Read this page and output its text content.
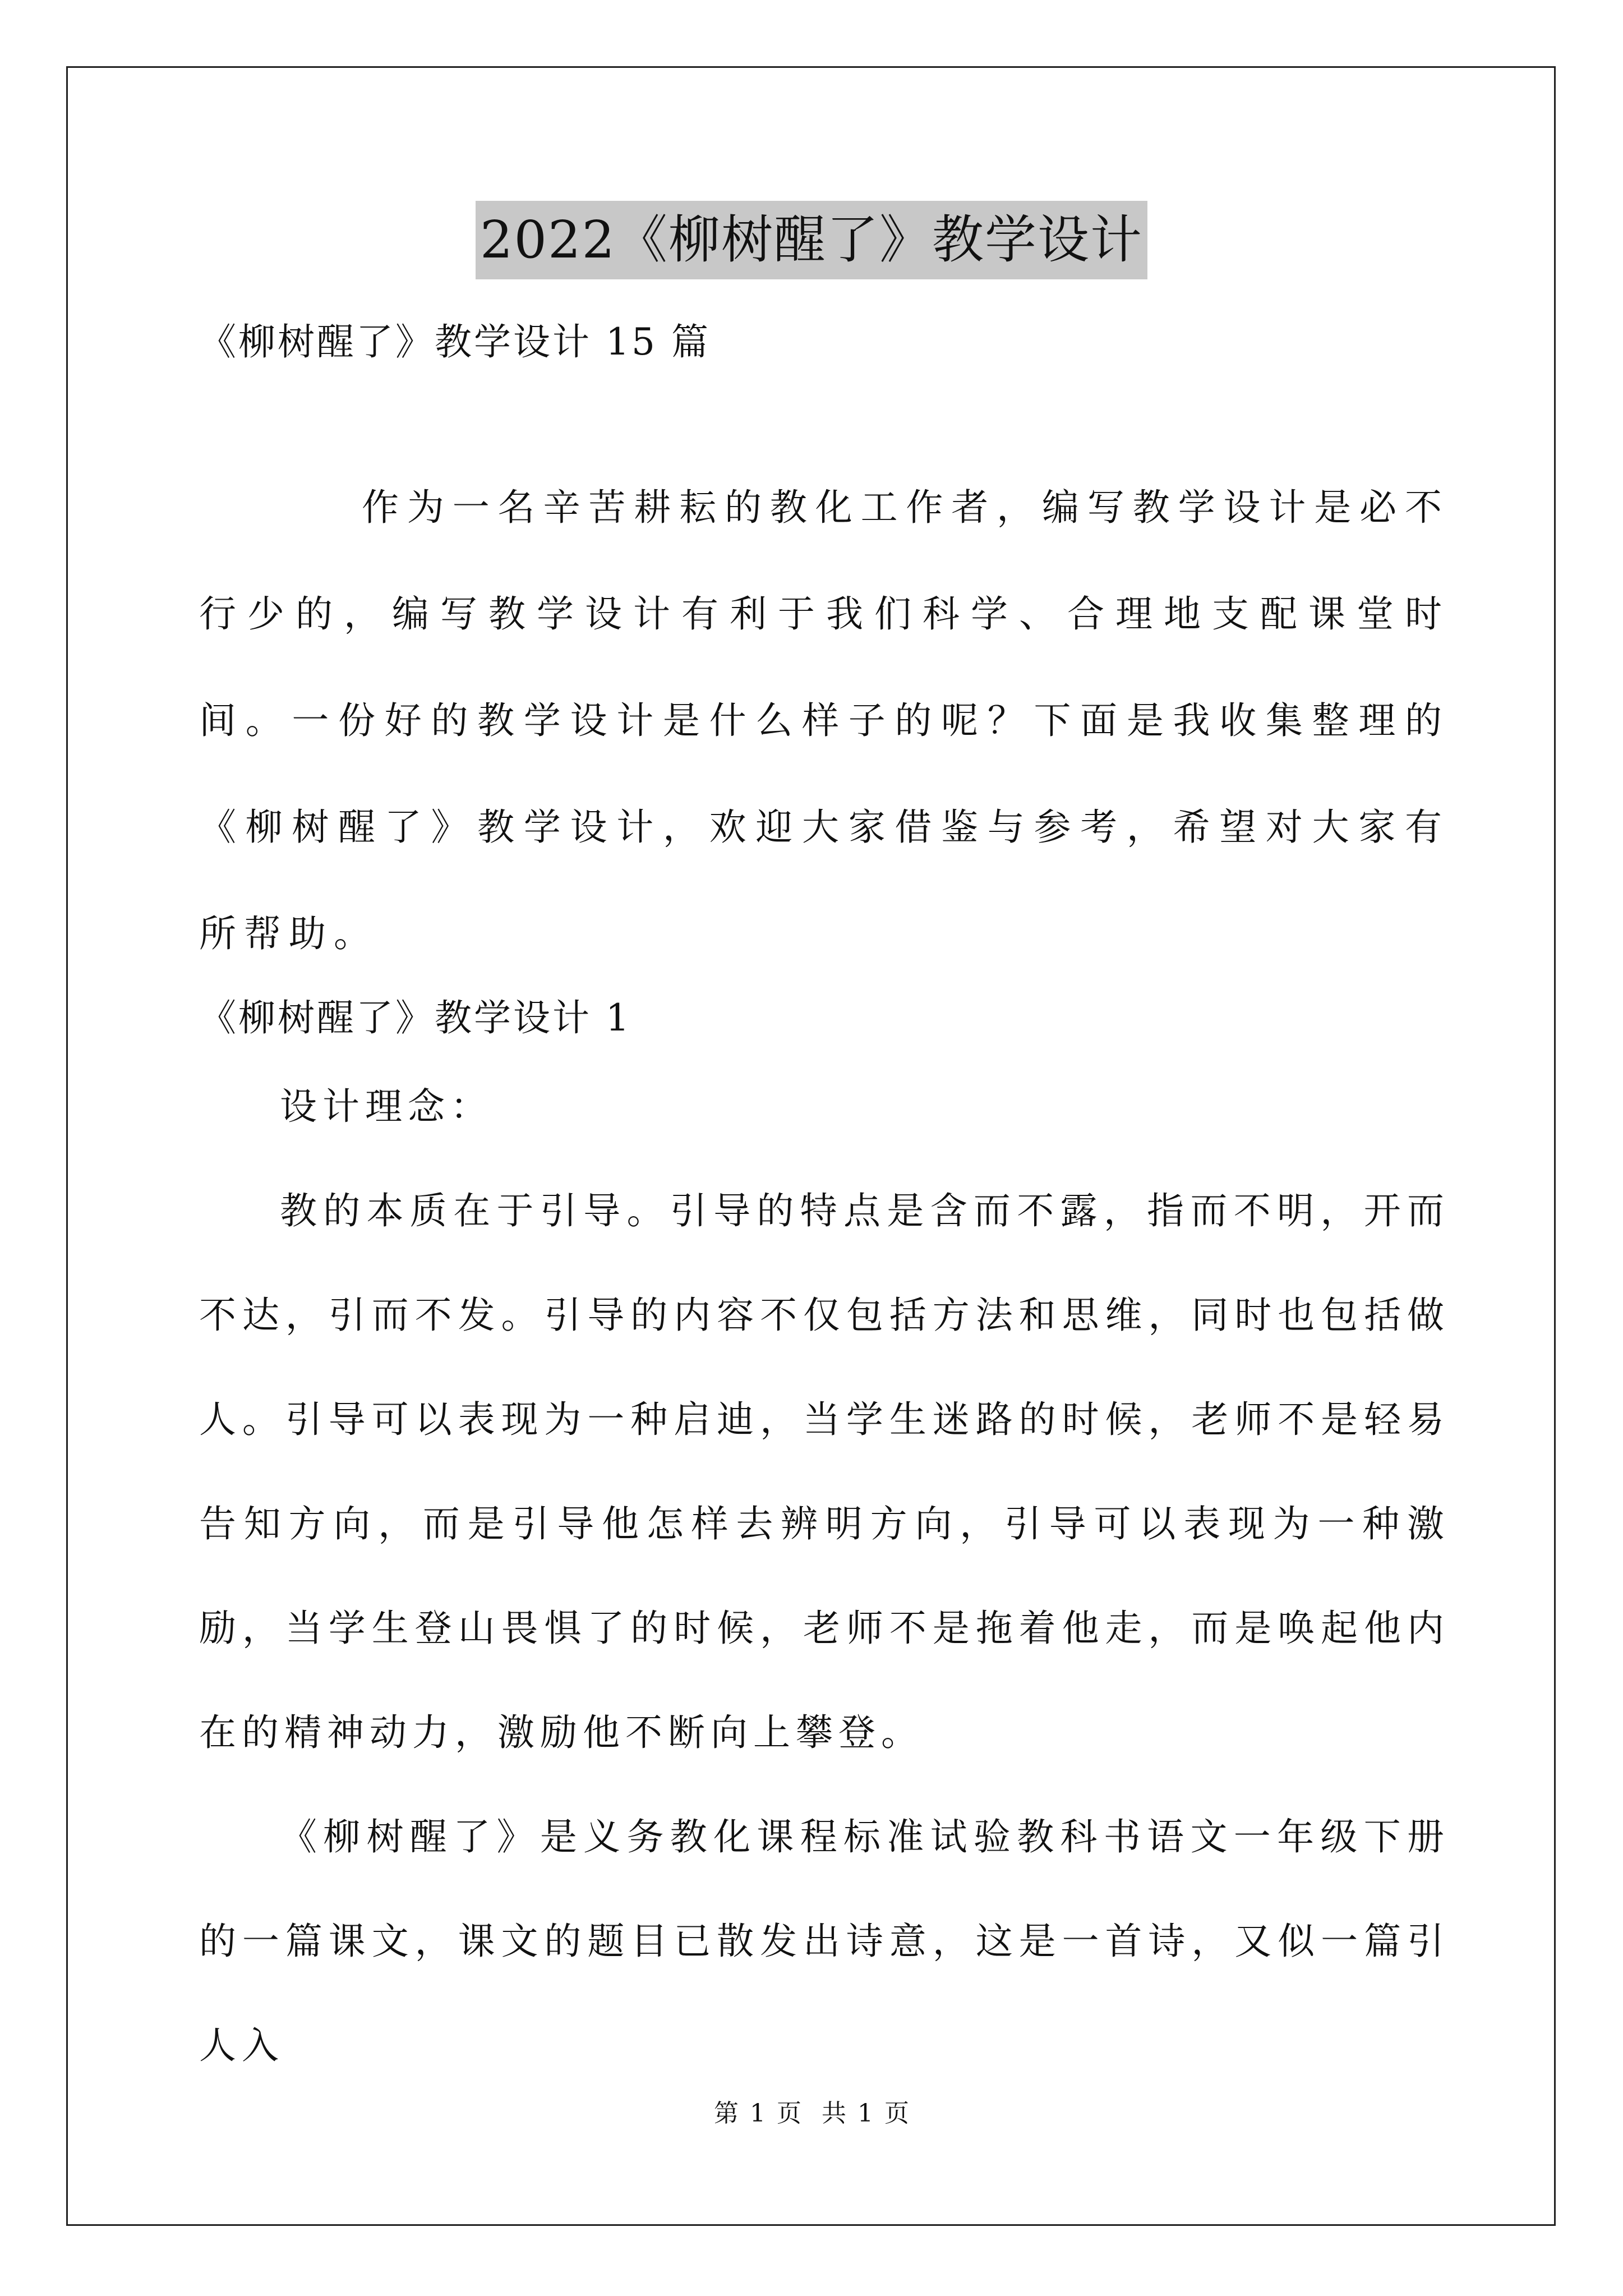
2022《柳树醒了》教学设计
《柳树醒了》教学设计 15 篇

作为一名辛苦耕耘的教化工作者，编写教学设计是必不行少的，编写教学设计有利于我们科学、合理地支配课堂时间。一份好的教学设计是什么样子的呢？下面是我收集整理的《柳树醒了》教学设计，欢迎大家借鉴与参考，希望对大家有所帮助。

《柳树醒了》教学设计 1

设计理念：

教的本质在于引导。引导的特点是含而不露，指而不明，开而不达，引而不发。引导的内容不仅包括方法和思维，同时也包括做人。引导可以表现为一种启迪，当学生迷路的时候，老师不是轻易告知方向，而是引导他怎样去辨明方向，引导可以表现为一种激励，当学生登山畏惧了的时候，老师不是拖着他走，而是唤起他内在的精神动力，激励他不断向上攀登。

《柳树醒了》是义务教化课程标准试验教科书语文一年级下册的一篇课文，课文的题目已散发出诗意，这是一首诗，又似一篇引人入

第 1 页 共 1 页
